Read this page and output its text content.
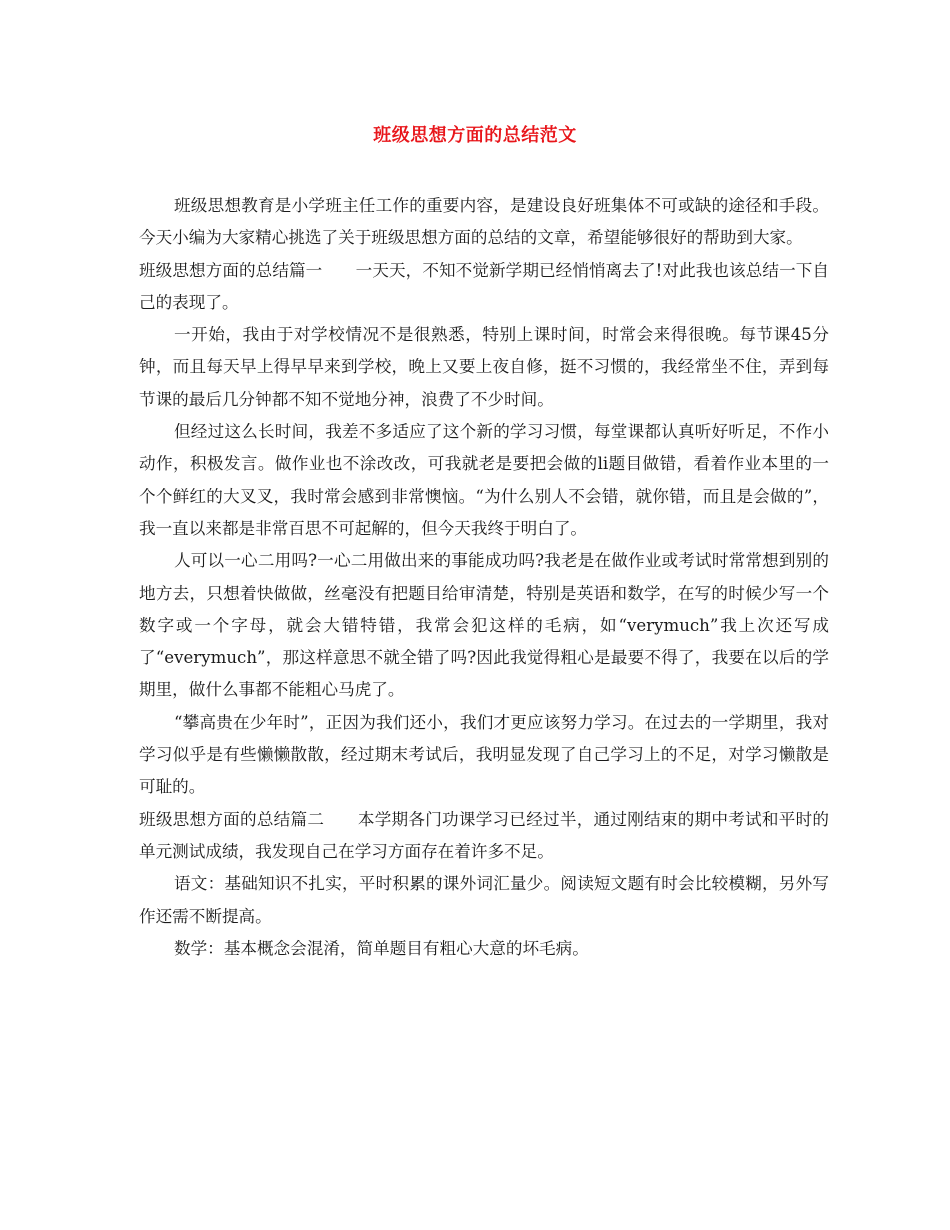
班级思想方面的总结范文

班级思想教育是小学班主任工作的重要内容，是建设良好班集体不可或缺的途径和手段。今天小编为大家精心挑选了关于班级思想方面的总结的文章，希望能够很好的帮助到大家。

班级思想方面的总结篇一　　一天天，不知不觉新学期已经悄悄离去了!对此我也该总结一下自己的表现了。

一开始，我由于对学校情况不是很熟悉，特别上课时间，时常会来得很晚。每节课45分钟，而且每天早上得早早来到学校，晚上又要上夜自修，挺不习惯的，我经常坐不住，弄到每节课的最后几分钟都不知不觉地分神，浪费了不少时间。

但经过这么长时间，我差不多适应了这个新的学习习惯，每堂课都认真听好听足，不作小动作，积极发言。做作业也不涂改改，可我就老是要把会做的li题目做错，看着作业本里的一个个鲜红的大叉叉，我时常会感到非常懊恼。“为什么别人不会错，就你错，而且是会做的”，我一直以来都是非常百思不可起解的，但今天我终于明白了。

人可以一心二用吗?一心二用做出来的事能成功吗?我老是在做作业或考试时常常想到别的地方去，只想着快做做，丝毫没有把题目给审清楚，特别是英语和数学，在写的时候少写一个数字或一个字母，就会大错特错，我常会犯这样的毛病，如“verymuch”我上次还写成了“everymuch”，那这样意思不就全错了吗?因此我觉得粗心是最要不得了，我要在以后的学期里，做什么事都不能粗心马虎了。

“攀高贵在少年时”，正因为我们还小，我们才更应该努力学习。在过去的一学期里，我对学习似乎是有些懒懒散散，经过期末考试后，我明显发现了自己学习上的不足，对学习懒散是可耻的。

班级思想方面的总结篇二　　本学期各门功课学习已经过半，通过刚结束的期中考试和平时的单元测试成绩，我发现自己在学习方面存在着许多不足。

语文：基础知识不扎实，平时积累的课外词汇量少。阅读短文题有时会比较模糊，另外写作还需不断提高。

数学：基本概念会混淆，简单题目有粗心大意的坏毛病。
